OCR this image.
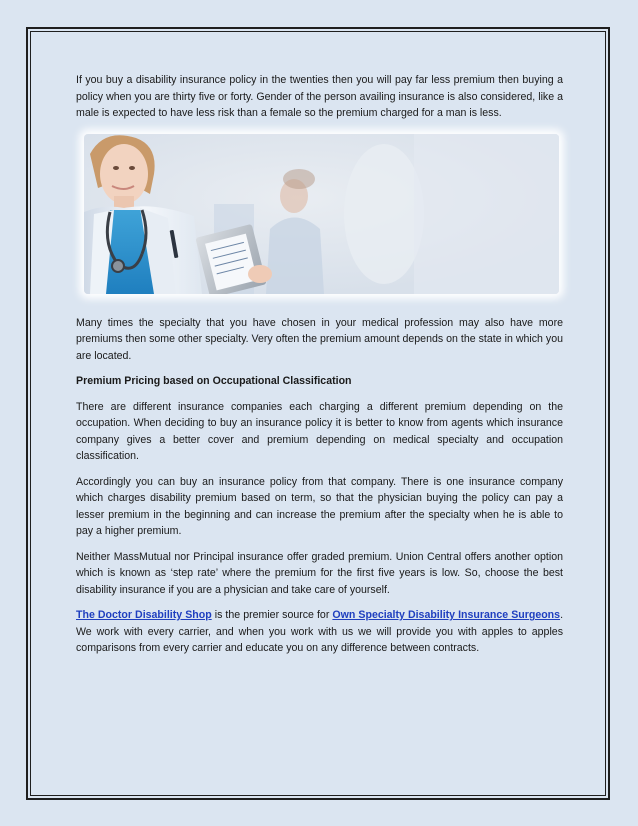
If you buy a disability insurance policy in the twenties then you will pay far less premium then buying a policy when you are thirty five or forty. Gender of the person availing insurance is also considered, like a male is expected to have less risk than a female so the premium charged for a man is less.

Many times the specialty that you have chosen in your medical profession may also have more premiums then some other specialty. Very often the premium amount depends on the state in which you are located.

Premium Pricing based on Occupational Classification

There are different insurance companies each charging a different premium depending on the occupation. When deciding to buy an insurance policy it is better to know from agents which insurance company gives a better cover and premium depending on medical specialty and occupation classification.

Accordingly you can buy an insurance policy from that company. There is one insurance company which charges disability premium based on term, so that the physician buying the policy can pay a lesser premium in the beginning and can increase the premium after the specialty when he is able to pay a higher premium.

Neither MassMutual nor Principal insurance offer graded premium. Union Central offers another option which is known as ‘step rate’ where the premium for the first five years is low. So, choose the best disability insurance if you are a physician and take care of yourself.

The Doctor Disability Shop is the premier source for Own Specialty Disability Insurance Surgeons. We work with every carrier, and when you work with us we will provide you with apples to apples comparisons from every carrier and educate you on any difference between contracts.
